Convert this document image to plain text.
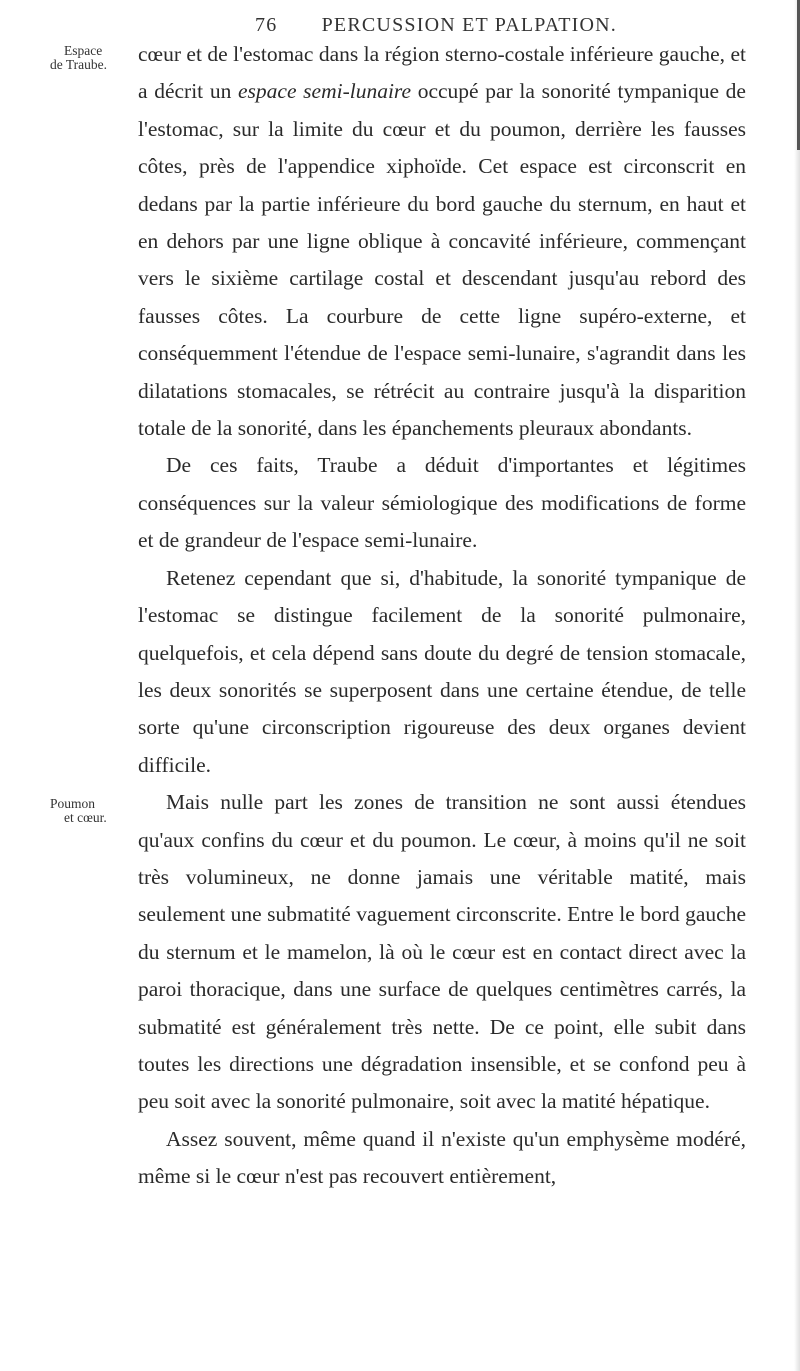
76 PERCUSSION ET PALPATION.
Espace
de Traube.
Poumon
et cœur.

cœur et de l'estomac dans la région sterno-costale inférieure gauche, et a décrit un espace semi-lunaire occupé par la sonorité tympanique de l'estomac, sur la limite du cœur et du poumon, derrière les fausses côtes, près de l'appendice xiphoïde. Cet espace est circonscrit en dedans par la partie inférieure du bord gauche du sternum, en haut et en dehors par une ligne oblique à concavité inférieure, commençant vers le sixième cartilage costal et descendant jusqu'au rebord des fausses côtes. La courbure de cette ligne supéro-externe, et conséquemment l'étendue de l'espace semi-lunaire, s'agrandit dans les dilatations stomacales, se rétrécit au contraire jusqu'à la disparition totale de la sonorité, dans les épanchements pleuraux abondants.

De ces faits, Traube a déduit d'importantes et légitimes conséquences sur la valeur sémiologique des modifications de forme et de grandeur de l'espace semi-lunaire.

Retenez cependant que si, d'habitude, la sonorité tympanique de l'estomac se distingue facilement de la sonorité pulmonaire, quelquefois, et cela dépend sans doute du degré de tension stomacale, les deux sonorités se superposent dans une certaine étendue, de telle sorte qu'une circonscription rigoureuse des deux organes devient difficile.

Mais nulle part les zones de transition ne sont aussi étendues qu'aux confins du cœur et du poumon. Le cœur, à moins qu'il ne soit très volumineux, ne donne jamais une véritable matité, mais seulement une submatité vaguement circonscrite. Entre le bord gauche du sternum et le mamelon, là où le cœur est en contact direct avec la paroi thoracique, dans une surface de quelques centimètres carrés, la submatité est généralement très nette. De ce point, elle subit dans toutes les directions une dégradation insensible, et se confond peu à peu soit avec la sonorité pulmonaire, soit avec la matité hépatique.

Assez souvent, même quand il n'existe qu'un emphysème modéré, même si le cœur n'est pas recouvert entièrement,
